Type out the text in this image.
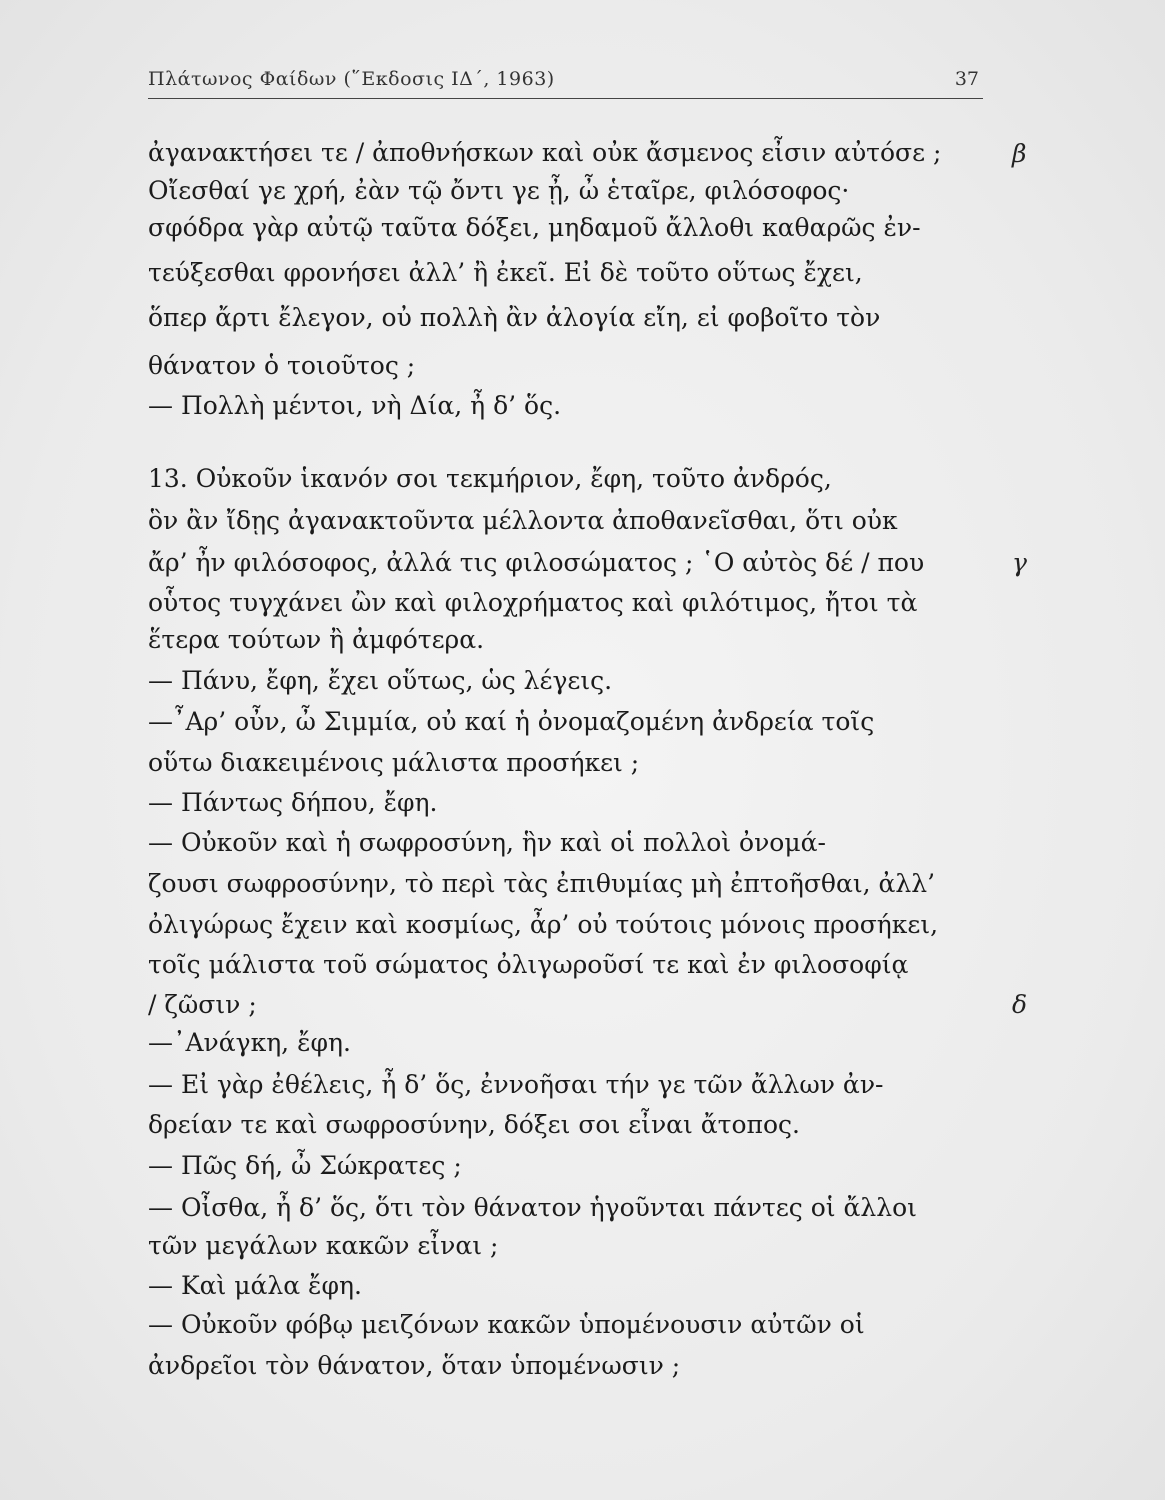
Πλάτωνος Φαίδων (῞Εκδοσις ΙΔ΄, 1963)	37
ἀγανακτήσει τε / ἀποθνήσκων καὶ οὐκ ἄσμενος εἶσιν αὐτόσε ;
Οἴεσθαί γε χρή, ἐὰν τῷ ὄντι γε ᾖ, ὦ ἑταῖρε, φιλόσοφος·
σφόδρα γὰρ αὐτῷ ταῦτα δόξει, μηδαμοῦ ἄλλοθι καθαρῶς ἐν-
τεύξεσθαι φρονήσει ἀλλ’ ἢ ἐκεῖ. Εἰ δὲ τοῦτο οὕτως ἔχει,
ὅπερ ἄρτι ἔλεγον, οὐ πολλὴ ἂν ἀλογία εἴη, εἰ φοβοῖτο τὸν
θάνατον ὁ τοιοῦτος ;
— Πολλὴ μέντοι, νὴ Δία, ἦ δ’ ὅς.
13. Οὐκοῦν ἱκανόν σοι τεκμήριον, ἔφη, τοῦτο ἀνδρός,
ὃν ἂν ἴδῃς ἀγανακτοῦντα μέλλοντα ἀποθανεῖσθαι, ὅτι οὐκ
ἄρ’ ἦν φιλόσοφος, ἀλλά τις φιλοσώματος ; ῾Ο αὐτὸς δέ / που
οὗτος τυγχάνει ὢν καὶ φιλοχρήματος καὶ φιλότιμος, ἤτοι τὰ
ἕτερα τούτων ἢ ἀμφότερα.
— Πάνυ, ἔφη, ἔχει οὕτως, ὡς λέγεις.
—῏Αρ’ οὖν, ὦ Σιμμία, οὐ καί ἡ ὀνομαζομένη ἀνδρεία τοῖς
οὕτω διακειμένοις μάλιστα προσήκει ;
— Πάντως δήπου, ἔφη.
— Οὐκοῦν καὶ ἡ σωφροσύνη, ἣν καὶ οἱ πολλοὶ ὀνομά-
ζουσι σωφροσύνην, τὸ περὶ τὰς ἐπιθυμίας μὴ ἐπτοῆσθαι, ἀλλ’
ὀλιγώρως ἔχειν καὶ κοσμίως, ἆρ’ οὐ τούτοις μόνοις προσήκει,
τοῖς μάλιστα τοῦ σώματος ὀλιγωροῦσί τε καὶ ἐν φιλοσοφίᾳ
/ ζῶσιν ;
—᾿Ανάγκη, ἔφη.
— Εἰ γὰρ ἐθέλεις, ἦ δ’ ὅς, ἐννοῆσαι τήν γε τῶν ἄλλων ἀν-
δρείαν τε καὶ σωφροσύνην, δόξει σοι εἶναι ἄτοπος.
— Πῶς δή, ὦ Σώκρατες ;
— Οἶσθα, ἦ δ’ ὅς, ὅτι τὸν θάνατον ἡγοῦνται πάντες οἱ ἄλλοι
τῶν μεγάλων κακῶν εἶναι ;
— Καὶ μάλα ἔφη.
— Οὐκοῦν φόβῳ μειζόνων κακῶν ὑπομένουσιν αὐτῶν οἱ
ἀνδρεῖοι τὸν θάνατον, ὅταν ὑπομένωσιν ;
β
γ
δ
